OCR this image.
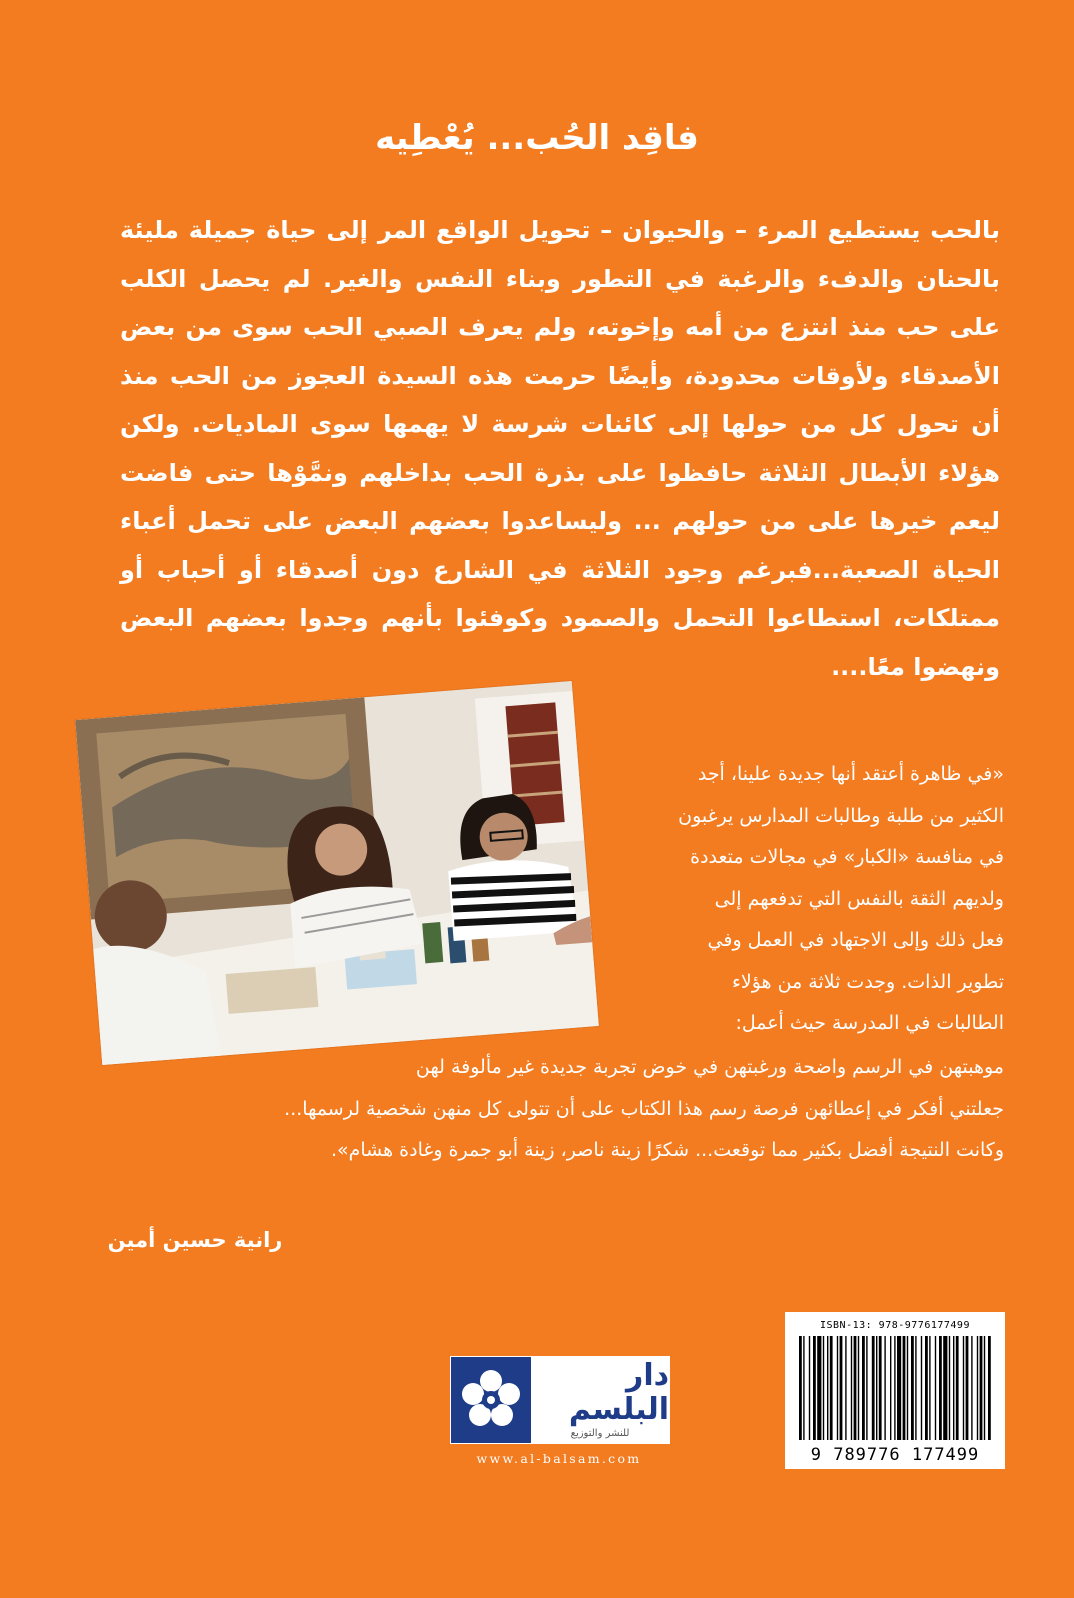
فاقِد الحُب... يُعْطِيه

بالحب يستطيع المرء – والحيوان – تحويل الواقع المر إلى حياة جميلة مليئة بالحنان والدفء والرغبة في التطور وبناء النفس والغير. لم يحصل الكلب على حب منذ انتزع من أمه وإخوته، ولم يعرف الصبي الحب سوى من بعض الأصدقاء ولأوقات محدودة، وأيضًا حرمت هذه السيدة العجوز من الحب منذ أن تحول كل من حولها إلى كائنات شرسة لا يهمها سوى الماديات. ولكن هؤلاء الأبطال الثلاثة حافظوا على بذرة الحب بداخلهم ونمَّوْها حتى فاضت ليعم خيرها على من حولهم ... وليساعدوا بعضهم البعض على تحمل أعباء الحياة الصعبة...فبرغم وجود الثلاثة في الشارع دون أصدقاء أو أحباب أو ممتلكات، استطاعوا التحمل والصمود وكوفئوا بأنهم وجدوا بعضهم البعض ونهضوا معًا....

«في ظاهرة أعتقد أنها جديدة علينا، أجد
الكثير من طلبة وطالبات المدارس يرغبون
في منافسة «الكبار» في مجالات متعددة
ولديهم الثقة بالنفس التي تدفعهم إلى
فعل ذلك وإلى الاجتهاد في العمل وفي
تطوير الذات. وجدت ثلاثة من هؤلاء
الطالبات في المدرسة حيث أعمل:
موهبتهن في الرسم واضحة ورغبتهن في خوض تجربة جديدة غير مألوفة لهن
جعلتني أفكر في إعطائهن فرصة رسم هذا الكتاب على أن تتولى كل منهن شخصية لرسمها...
وكانت النتيجة أفضل بكثير مما توقعت... شكرًا زينة ناصر، زينة أبو جمرة وغادة هشام».
رانية حسين أمين
دار البلسم
للنشر والتوزيع
www.al-balsam.com
ISBN-13: 978-9776177499
9 789776 177499
